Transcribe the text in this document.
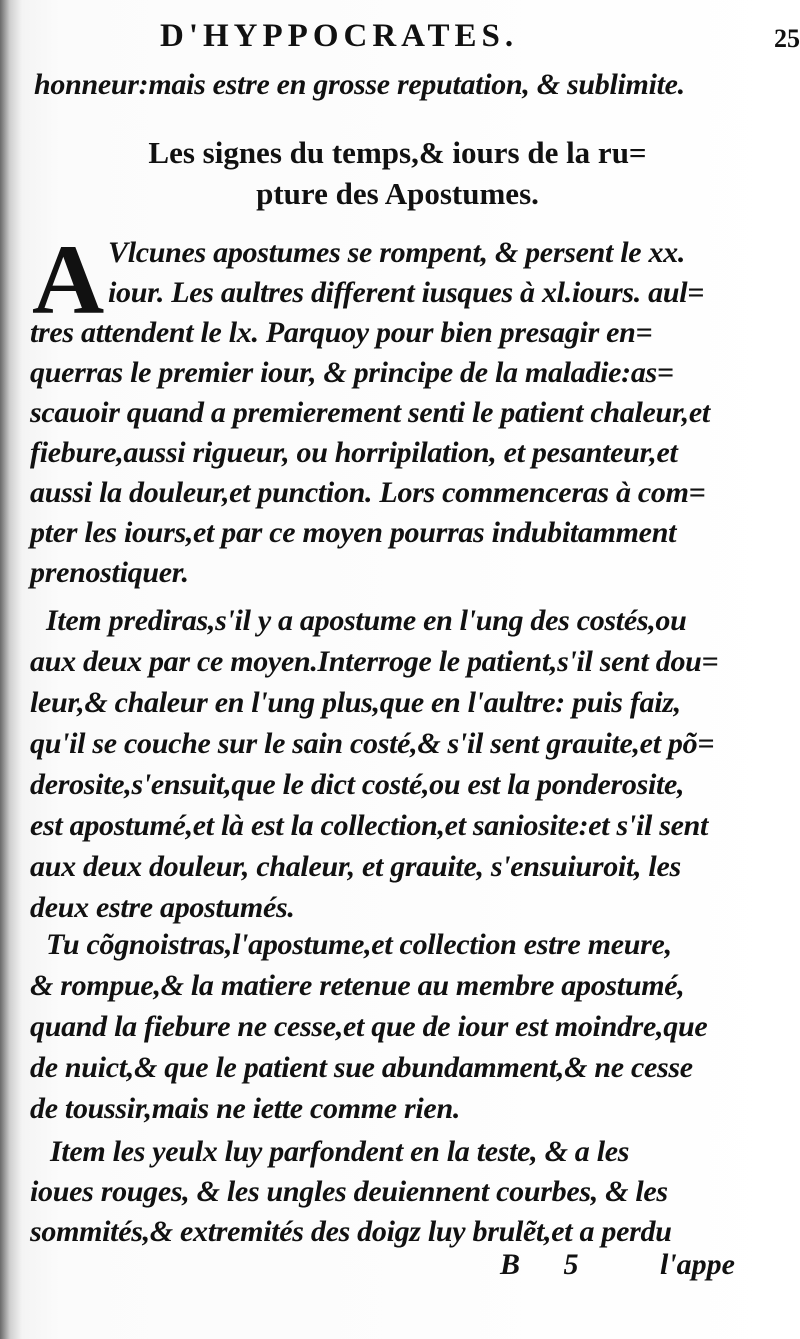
D'HYPPOCRATES.	25
honneur:mais estre en grosse reputation, & sublimite.
Les signes du temps,& iours de la ru=
pture des Apostumes.
A Vlcunes apostumes se rompent, & persent le xx.
iour. Les aultres different iusques à xl.iours. aul=
tres attendent le lx. Parquoy pour bien presagir en=
querras le premier iour, & principe de la maladie:as=
scauoir quand a premierement senti le patient chaleur,et
fiebure,aussi rigueur, ou horripilation, et pesanteur,et
aussi la douleur,et punction. Lors commenceras à com=
pter les iours,et par ce moyen pourras indubitamment
prenostiquer.
Item prediras,s'il y a apostume en l'ung des costés,ou
aux deux par ce moyen.Interroge le patient,s'il sent dou=
leur,& chaleur en l'ung plus,que en l'aultre: puis faiz,
qu'il se couche sur le sain costé,& s'il sent grauite,et põ=
derosite,s'ensuit,que le dict costé,ou est la ponderosite,
est apostumé,et là est la collection,et saniosite:et s'il sent
aux deux douleur, chaleur, et grauite, s'ensuiuroit, les
deux estre apostumés.
Tu cõgnoistras,l'apostume,et collection estre meure,
& rompue,& la matiere retenue au membre apostumé,
quand la fiebure ne cesse,et que de iour est moindre,que
de nuict,& que le patient sue abundamment,& ne cesse
de toussir,mais ne iette comme rien.
Item les yeulx luy parfondent en la teste, & a les
ioues rouges, & les ungles deuiennent courbes, & les
sommités,& extremités des doigz luy brulẽt,et a perdu
B 5 l'appe
